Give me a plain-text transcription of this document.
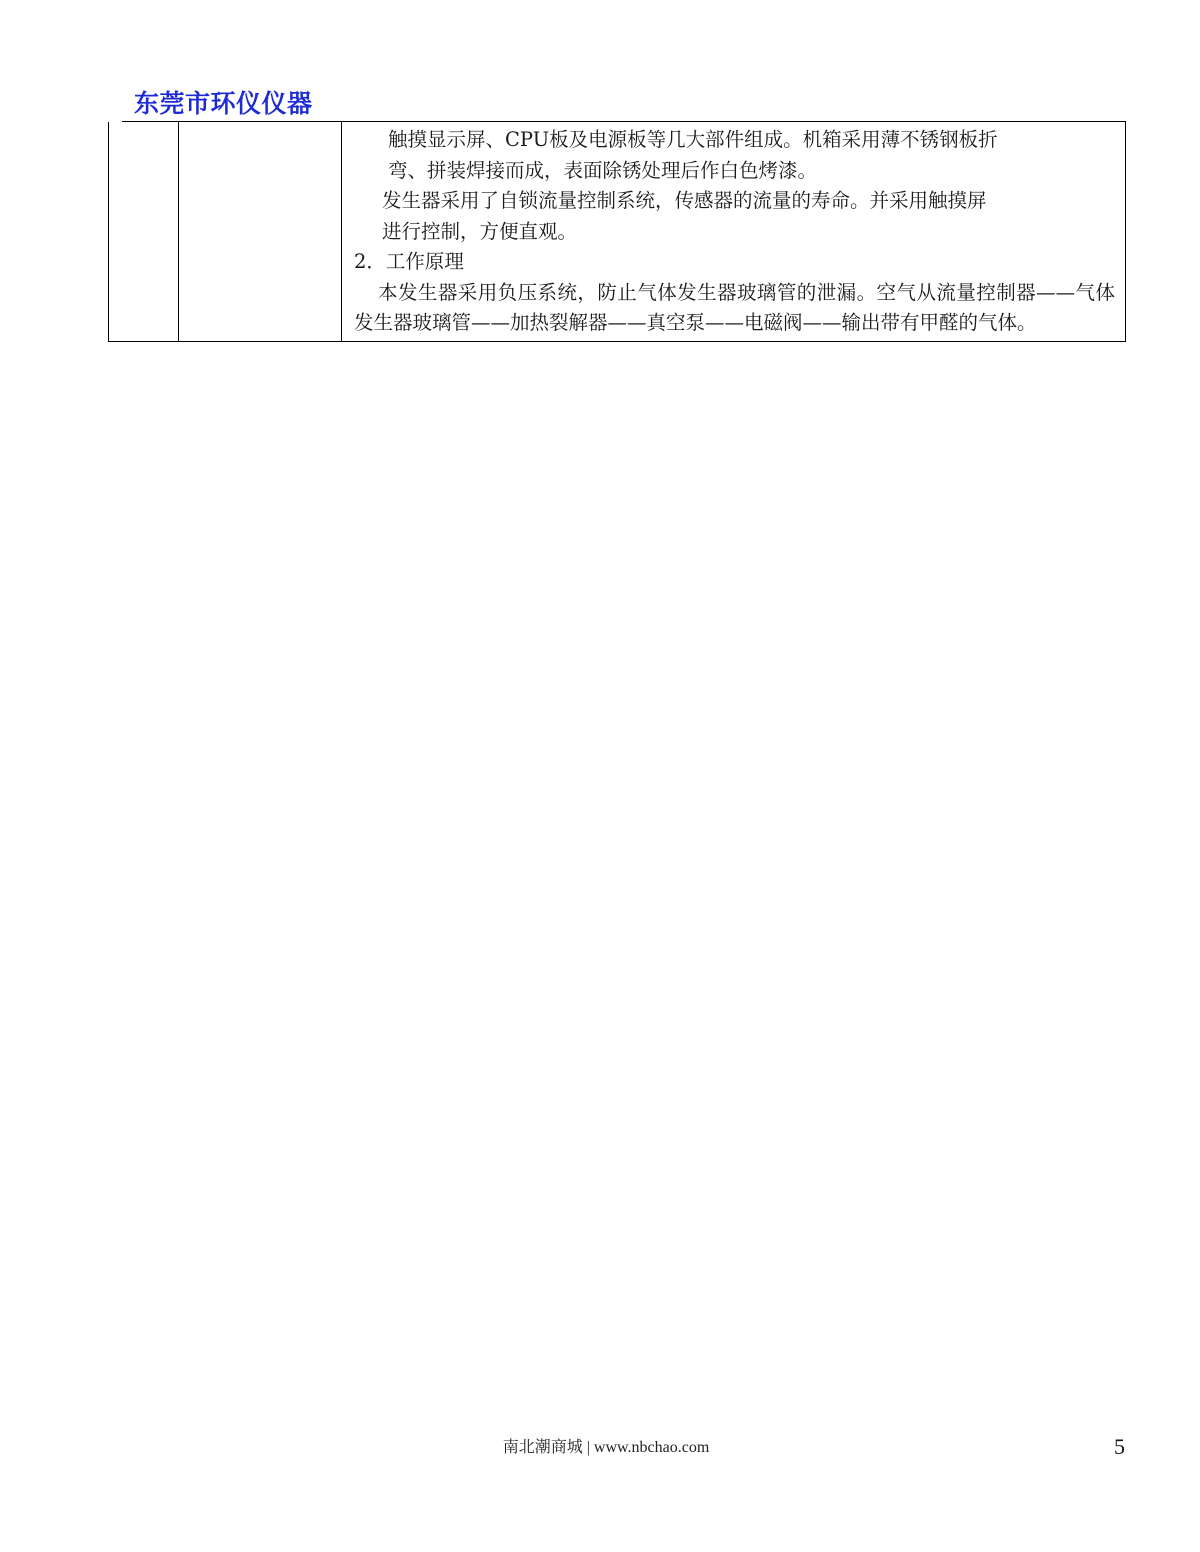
东莞市环仪仪器

触摸显示屏、CPU板及电源板等几大部件组成。机箱采用薄不锈钢板折

弯、拼装焊接而成，表面除锈处理后作白色烤漆。

发生器采用了自锁流量控制系统，传感器的流量的寿命。并采用触摸屏

进行控制，方便直观。

2．工作原理

本发生器采用负压系统，防止气体发生器玻璃管的泄漏。空气从流量控制器——气体发生器玻璃管——加热裂解器——真空泵——电磁阀——输出带有甲醛的气体。

南北潮商城 | www.nbchao.com	5
